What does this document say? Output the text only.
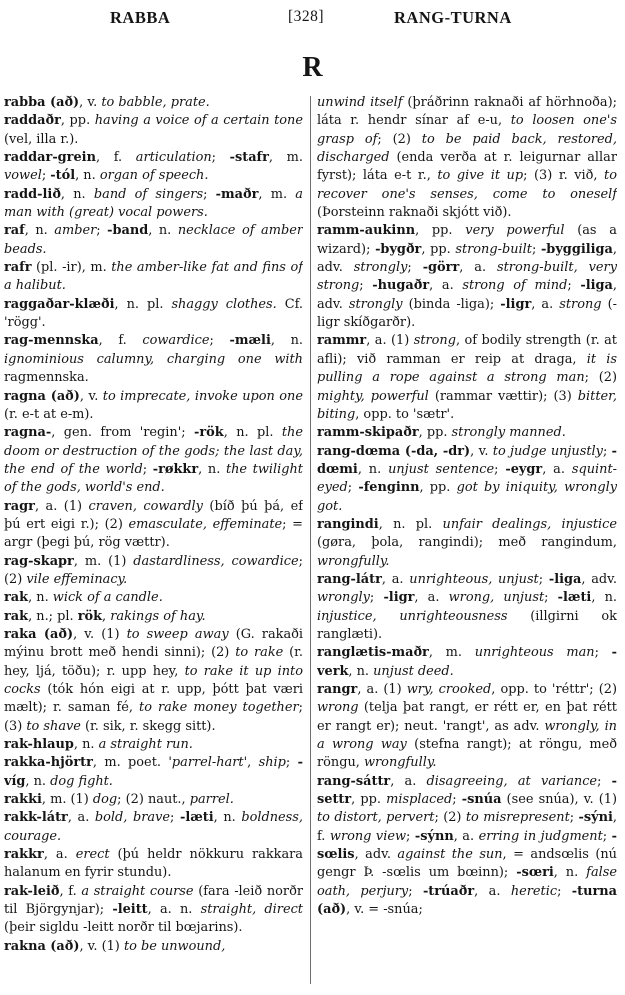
RABBA	[328]	RANG-TURNA
R

rabba (að), v. to babble, prate.

raddaðr, pp. having a voice of a certain tone (vel, illa r.).

raddar-grein, f. articulation; -stafr, m. vowel; -tól, n. organ of speech.

radd-lið, n. band of singers; -maðr, m. a man with (great) vocal powers.

raf, n. amber; -band, n. necklace of amber beads.

rafr (pl. -ir), m. the amber-like fat and fins of a halibut.

raggaðar-klæði, n. pl. shaggy clothes. Cf. 'rögg'.

rag-mennska, f. cowardice; -mæli, n. ignominious calumny, charging one with ragmennska.

ragna (að), v. to imprecate, invoke upon one (r. e-t at e-m).

ragna-, gen. from 'regin'; -rök, n. pl. the doom or destruction of the gods; the last day, the end of the world; -røkkr, n. the twilight of the gods, world's end.

ragr, a. (1) craven, cowardly (bíð þú þá, ef þú ert eigi r.); (2) emasculate, effeminate; = argr (þegi þú, rög vættr).

rag-skapr, m. (1) dastardliness, cowardice; (2) vile effeminacy.

rak, n. wick of a candle.

rak, n.; pl. rök, rakings of hay.

raka (að), v. (1) to sweep away (G. rakaði mýinu brott með hendi sinni); (2) to rake (r. hey, ljá, töðu); r. upp hey, to rake it up into cocks (tók hón eigi at r. upp, þótt þat væri mælt); r. saman fé, to rake money together; (3) to shave (r. sik, r. skegg sitt).

rak-hlaup, n. a straight run.

rakka-hjörtr, m. poet. 'parrel-hart', ship; -víg, n. dog fight.

rakki, m. (1) dog; (2) naut., parrel.

rakk-látr, a. bold, brave; -læti, n. boldness, courage.

rakkr, a. erect (þú heldr nökkuru rakkara halanum en fyrir stundu).

rak-leið, f. a straight course (fara -leið norðr til Björgynjar); -leitt, a. n. straight, direct (þeir sigldu -leitt norðr til bœjarins).

rakna (að), v. (1) to be unwound,

unwind itself (þráðrinn raknaði af hörhnoða); láta r. hendr sínar af e-u, to loosen one's grasp of; (2) to be paid back, restored, discharged (enda verða at r. leigurnar allar fyrst); láta e-t r., to give it up; (3) r. við, to recover one's senses, come to oneself (Þorsteinn raknaði skjótt við).

ramm-aukinn, pp. very powerful (as a wizard); -bygðr, pp. strong-built; -byggiliga, adv. strongly; -görr, a. strong-built, very strong; -hugaðr, a. strong of mind; -liga, adv. strongly (binda -liga); -ligr, a. strong (-ligr skíðgarðr).

rammr, a. (1) strong, of bodily strength (r. at afli); við ramman er reip at draga, it is pulling a rope against a strong man; (2) mighty, powerful (rammar vættir); (3) bitter, biting, opp. to 'sætr'.

ramm-skipaðr, pp. strongly manned.

rang-dœma (-da, -dr), v. to judge unjustly; -dœmi, n. unjust sentence; -eygr, a. squint-eyed; -fenginn, pp. got by iniquity, wrongly got.

rangindi, n. pl. unfair dealings, injustice (gøra, þola, rangindi); með rangindum, wrongfully.

rang-látr, a. unrighteous, unjust; -liga, adv. wrongly; -ligr, a. wrong, unjust; -læti, n. injustice, unrighteousness (illgirni ok ranglæti).

ranglætis-maðr, m. unrighteous man; -verk, n. unjust deed.

rangr, a. (1) wry, crooked, opp. to 'réttr'; (2) wrong (telja þat rangt, er rétt er, en þat rétt er rangt er); neut. 'rangt', as adv. wrongly, in a wrong way (stefna rangt); at röngu, með röngu, wrongfully.

rang-sáttr, a. disagreeing, at variance; -settr, pp. misplaced; -snúa (see snúa), v. (1) to distort, pervert; (2) to misrepresent; -sýni, f. wrong view; -sýnn, a. erring in judgment; -sœlis, adv. against the sun, = andsœlis (nú gengr Þ. -sœlis um bœinn); -sœri, n. false oath, perjury; -trúaðr, a. heretic; -turna (að), v. = -snúa;
